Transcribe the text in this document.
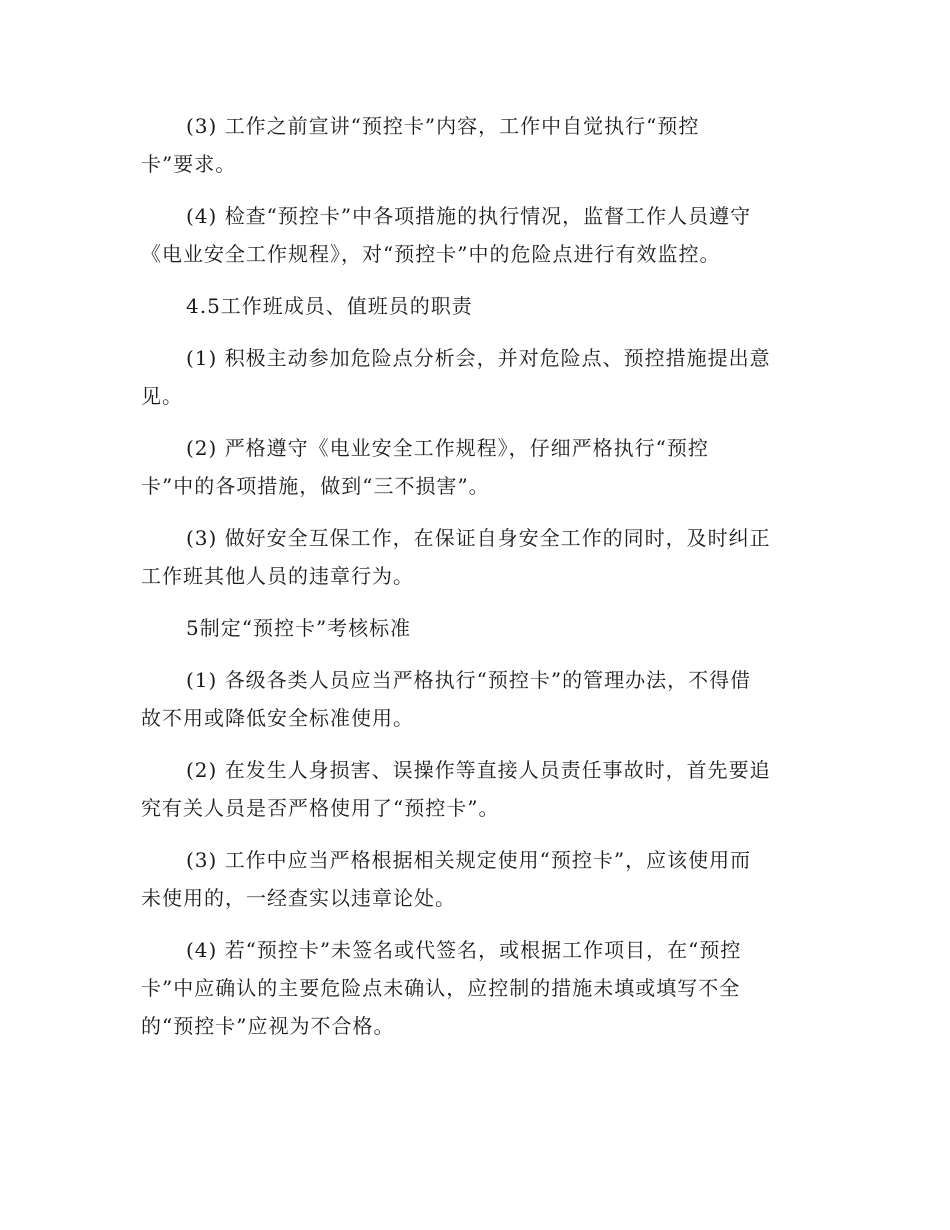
(3) 工作之前宣讲“预控卡”内容，工作中自觉执行“预控
卡”要求。
(4) 检查“预控卡”中各项措施的执行情况，监督工作人员遵守
《电业安全工作规程》，对“预控卡”中的危险点进行有效监控。
4.5工作班成员、值班员的职责
(1) 积极主动参加危险点分析会，并对危险点、预控措施提出意
见。
(2) 严格遵守《电业安全工作规程》，仔细严格执行“预控
卡”中的各项措施，做到“三不损害”。
(3) 做好安全互保工作，在保证自身安全工作的同时，及时纠正
工作班其他人员的违章行为。
5制定“预控卡”考核标准
(1) 各级各类人员应当严格执行“预控卡”的管理办法，不得借
故不用或降低安全标准使用。
(2) 在发生人身损害、误操作等直接人员责任事故时，首先要追
究有关人员是否严格使用了“预控卡”。
(3) 工作中应当严格根据相关规定使用“预控卡”，应该使用而
未使用的，一经查实以违章论处。
(4) 若“预控卡”未签名或代签名，或根据工作项目，在“预控
卡”中应确认的主要危险点未确认，应控制的措施未填或填写不全
的“预控卡”应视为不合格。
